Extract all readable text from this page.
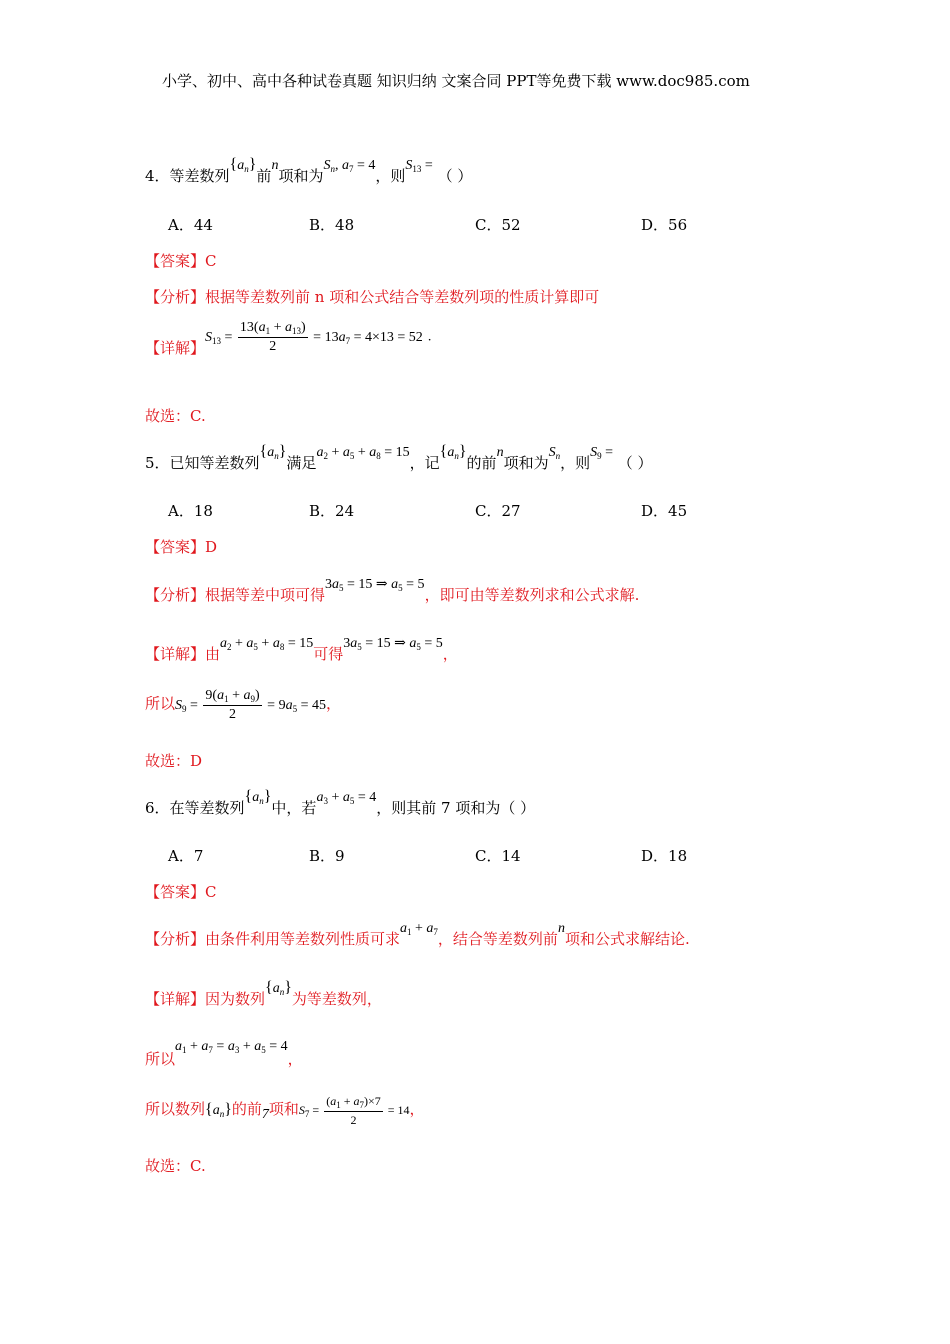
小学、初中、高中各种试卷真题 知识归纳 文案合同 PPT等免费下载 www.doc985.com
4．等差数列$\{a_n\}$前n项和为$S_n$, $a_7 = 4$，则$S_{13}$ = （ ）
A．44	B．48	C．52	D．56
【答案】C
【分析】根据等差数列前 n 项和公式结合等差数列项的性质计算即可
【详解】$S_{13} = \frac{13(a_1 + a_{13})}{2} = 13a_7 = 4\times 13 = 52$ .
故选：C.
5．已知等差数列$\{a_n\}$满足$a_2 + a_5 + a_8 = 15$，记$\{a_n\}$的前n项和为$S_n$，则$S_9$ = （ ）
A．18	B．24	C．27	D．45
【答案】D
【分析】根据等差中项可得$3a_5 = 15$ ⇒ $a_5 = 5$，即可由等差数列求和公式求解.
【详解】由$a_2 + a_5 + a_8 = 15$可得$3a_5 = 15$ ⇒ $a_5 = 5$，
所以$S_9 = \frac{9(a_1 + a_9)}{2} = 9a_5 = 45$，
故选：D
6．在等差数列$\{a_n\}$中，若$a_3 + a_5 = 4$，则其前 7 项和为（ ）
A．7	B．9	C．14	D．18
【答案】C
【分析】由条件利用等差数列性质可求$a_1 + a_7$，结合等差数列前n项和公式求解结论.
【详解】因为数列$\{a_n\}$为等差数列，
所以$a_1 + a_7 = a_3 + a_5 = 4$，
所以数列$\{a_n\}$的前7项和$S_7 = \frac{(a_1 + a_7)\times 7}{2} = 14$，
故选：C.
